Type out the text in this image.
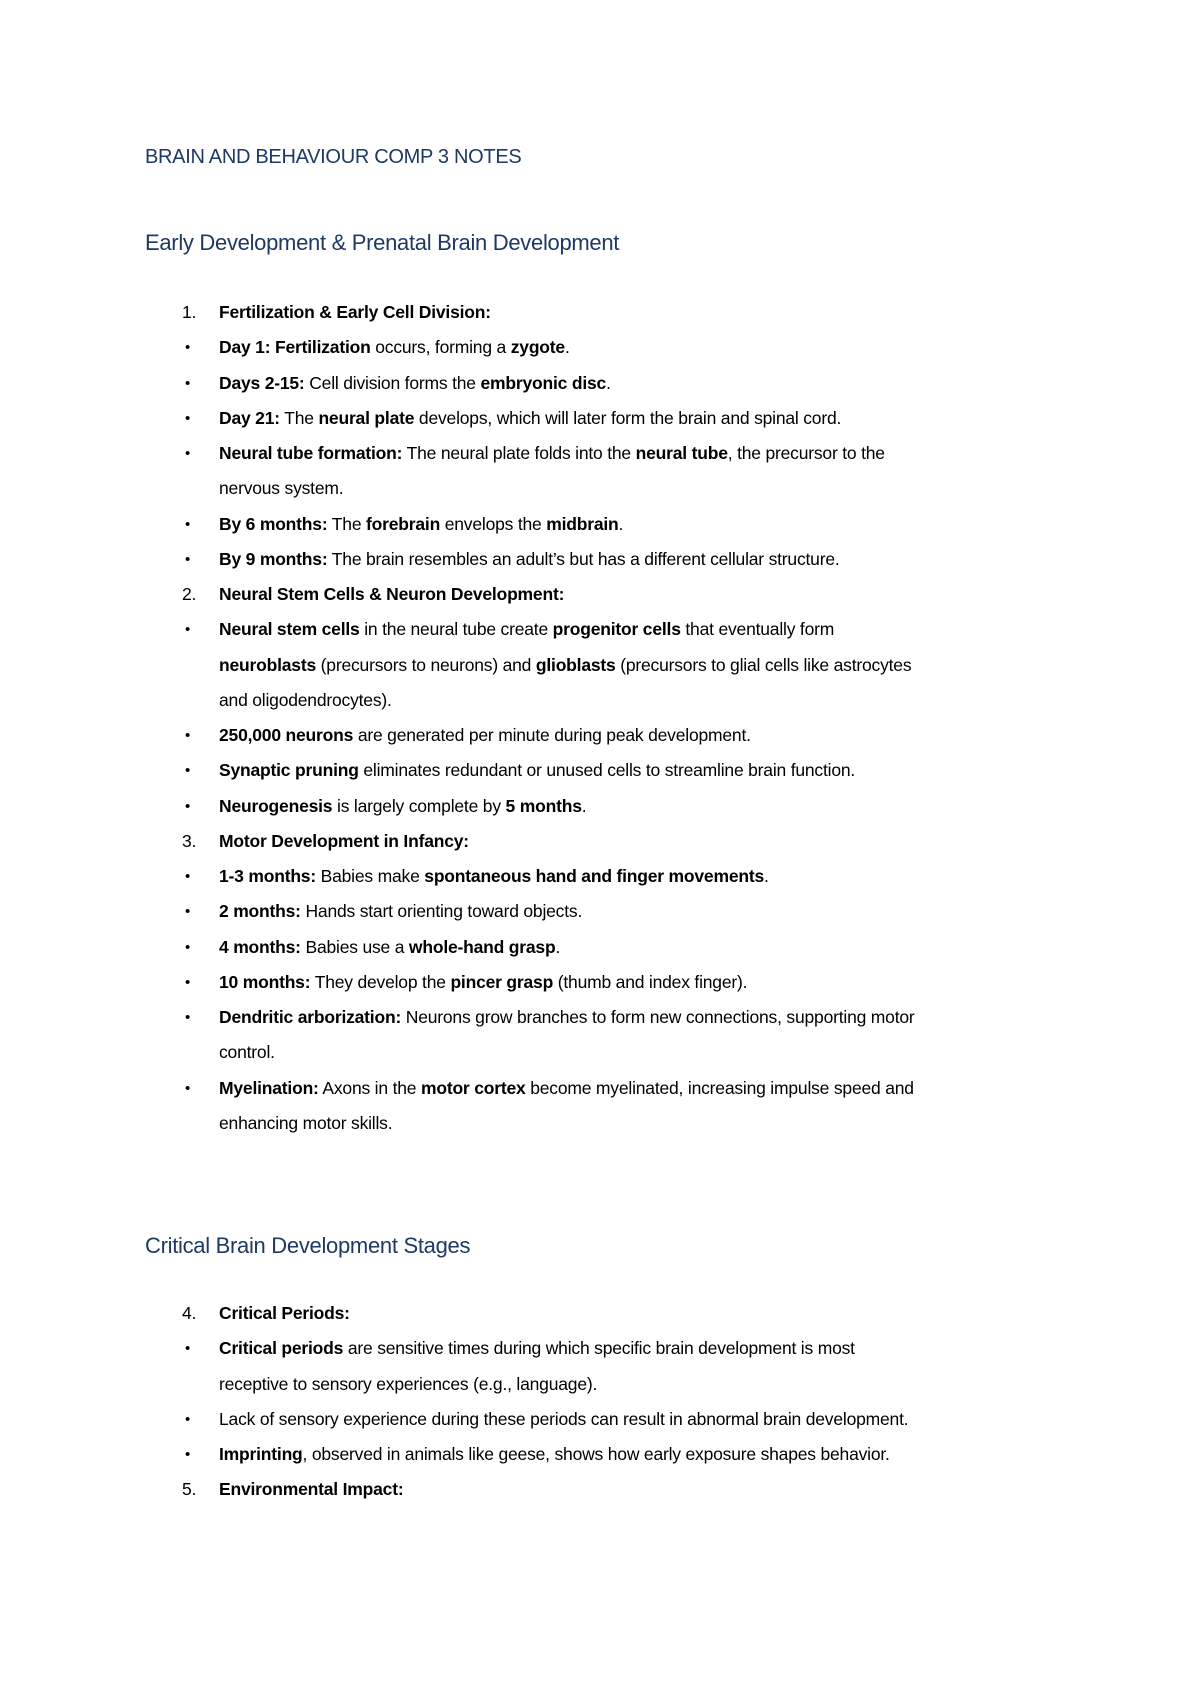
BRAIN AND BEHAVIOUR COMP 3 NOTES
Early Development & Prenatal Brain Development
1. Fertilization & Early Cell Division:
• Day 1: Fertilization occurs, forming a zygote.
• Days 2-15: Cell division forms the embryonic disc.
• Day 21: The neural plate develops, which will later form the brain and spinal cord.
• Neural tube formation: The neural plate folds into the neural tube, the precursor to the
nervous system.
• By 6 months: The forebrain envelops the midbrain.
• By 9 months: The brain resembles an adult’s but has a different cellular structure.
2. Neural Stem Cells & Neuron Development:
• Neural stem cells in the neural tube create progenitor cells that eventually form
neuroblasts (precursors to neurons) and glioblasts (precursors to glial cells like astrocytes
and oligodendrocytes).
• 250,000 neurons are generated per minute during peak development.
• Synaptic pruning eliminates redundant or unused cells to streamline brain function.
• Neurogenesis is largely complete by 5 months.
3. Motor Development in Infancy:
• 1-3 months: Babies make spontaneous hand and finger movements.
• 2 months: Hands start orienting toward objects.
• 4 months: Babies use a whole-hand grasp.
• 10 months: They develop the pincer grasp (thumb and index finger).
• Dendritic arborization: Neurons grow branches to form new connections, supporting motor
control.
• Myelination: Axons in the motor cortex become myelinated, increasing impulse speed and
enhancing motor skills.
Critical Brain Development Stages
4. Critical Periods:
• Critical periods are sensitive times during which specific brain development is most
receptive to sensory experiences (e.g., language).
• Lack of sensory experience during these periods can result in abnormal brain development.
• Imprinting, observed in animals like geese, shows how early exposure shapes behavior.
5. Environmental Impact:
